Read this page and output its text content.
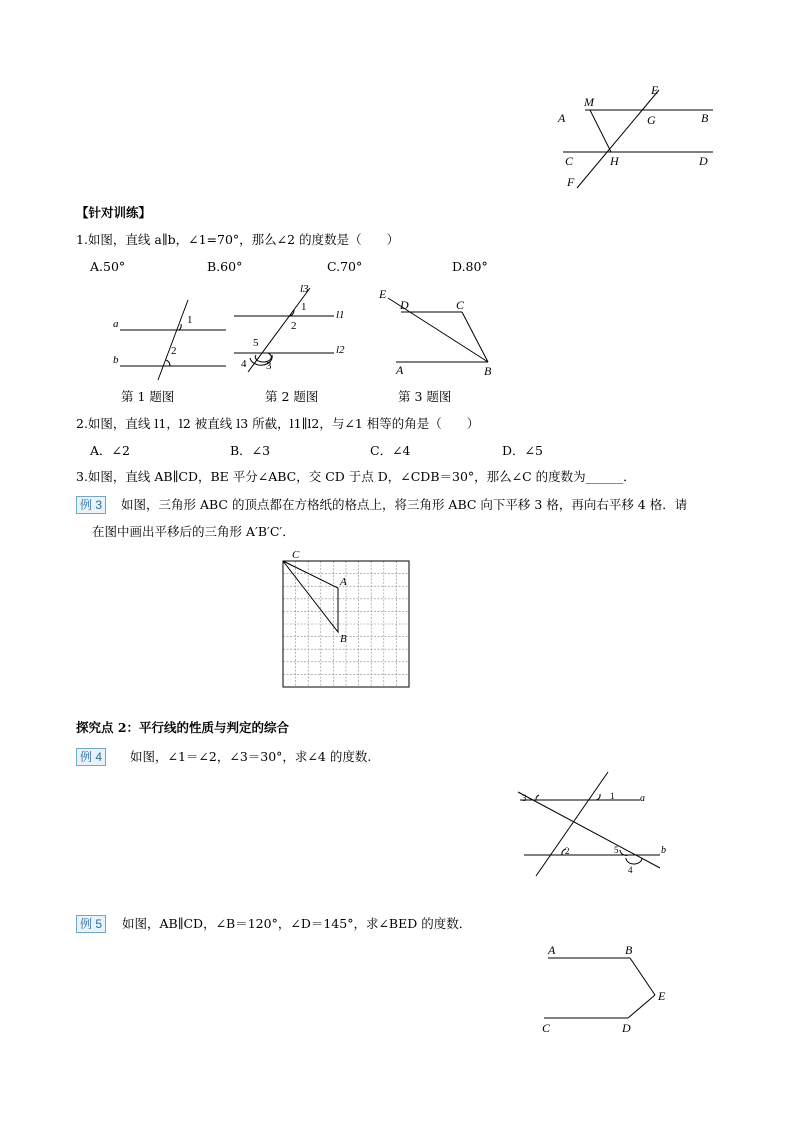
M
E
A	G	B
C	H	D
F
【针对训练】
1.如图，直线 a∥b，∠1=70°，那么∠2 的度数是（　　）
A.50°	B.60°	C.70°	D.80°
a
b
1
2
第 1 题图
l3
l1
l2
1
2
5
4 3
第 2 题图
E
D	C
A	B
第 3 题图
2.如图，直线 l1，l2 被直线 l3 所截，l1∥l2，与∠1 相等的角是（　　）
A．∠2	B．∠3	C．∠4	D．∠5
3.如图，直线 AB∥CD，BE 平分∠ABC，交 CD 于点 D，∠CDB＝30°，那么∠C 的度数为______．
例 3	如图，三角形 ABC 的顶点都在方格纸的格点上，将三角形 ABC 向下平移 3 格，再向右平移 4 格．请
在图中画出平移后的三角形 A′B′C′．
C
A
B
探究点 2：平行线的性质与判定的综合
例 4	如图，∠1＝∠2，∠3＝30°，求∠4 的度数.
3	1	a
2	5	b
4
例 5	如图，AB∥CD，∠B＝120°，∠D＝145°，求∠BED 的度数．
A	B
E
C	D
